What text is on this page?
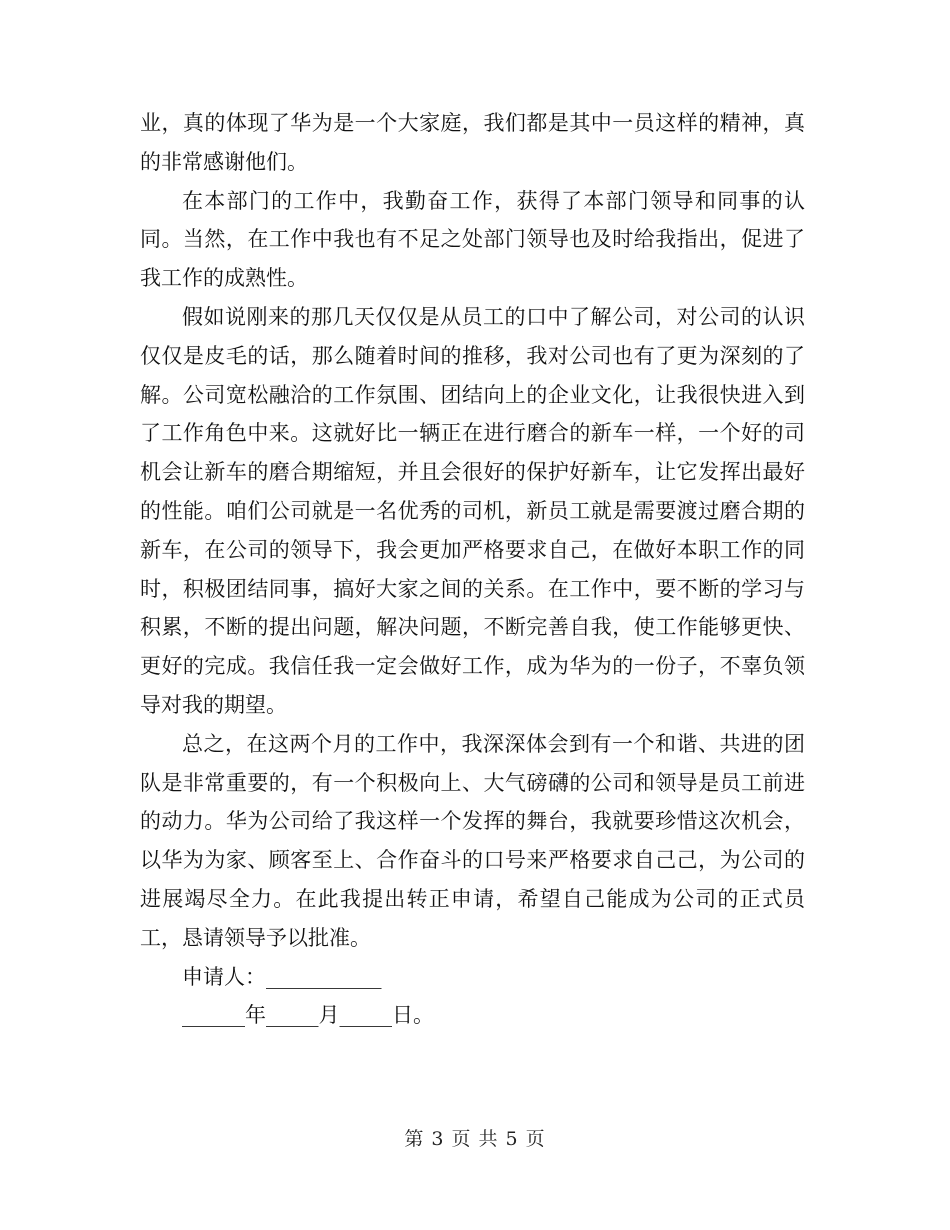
业，真的体现了华为是一个大家庭，我们都是其中一员这样的精神，真的非常感谢他们。

在本部门的工作中，我勤奋工作，获得了本部门领导和同事的认同。当然，在工作中我也有不足之处部门领导也及时给我指出，促进了我工作的成熟性。

假如说刚来的那几天仅仅是从员工的口中了解公司，对公司的认识仅仅是皮毛的话，那么随着时间的推移，我对公司也有了更为深刻的了解。公司宽松融洽的工作氛围、团结向上的企业文化，让我很快进入到了工作角色中来。这就好比一辆正在进行磨合的新车一样，一个好的司机会让新车的磨合期缩短，并且会很好的保护好新车，让它发挥出最好的性能。咱们公司就是一名优秀的司机，新员工就是需要渡过磨合期的新车，在公司的领导下，我会更加严格要求自己，在做好本职工作的同时，积极团结同事，搞好大家之间的关系。在工作中，要不断的学习与积累，不断的提出问题，解决问题，不断完善自我，使工作能够更快、更好的完成。我信任我一定会做好工作，成为华为的一份子，不辜负领导对我的期望。

总之，在这两个月的工作中，我深深体会到有一个和谐、共进的团队是非常重要的，有一个积极向上、大气磅礴的公司和领导是员工前进的动力。华为公司给了我这样一个发挥的舞台，我就要珍惜这次机会，以华为为家、顾客至上、合作奋斗的口号来严格要求自己己，为公司的进展竭尽全力。在此我提出转正申请，希望自己能成为公司的正式员工，恳请领导予以批准。

申请人：___________

______年_____月_____日。

第 3 页 共 5 页
